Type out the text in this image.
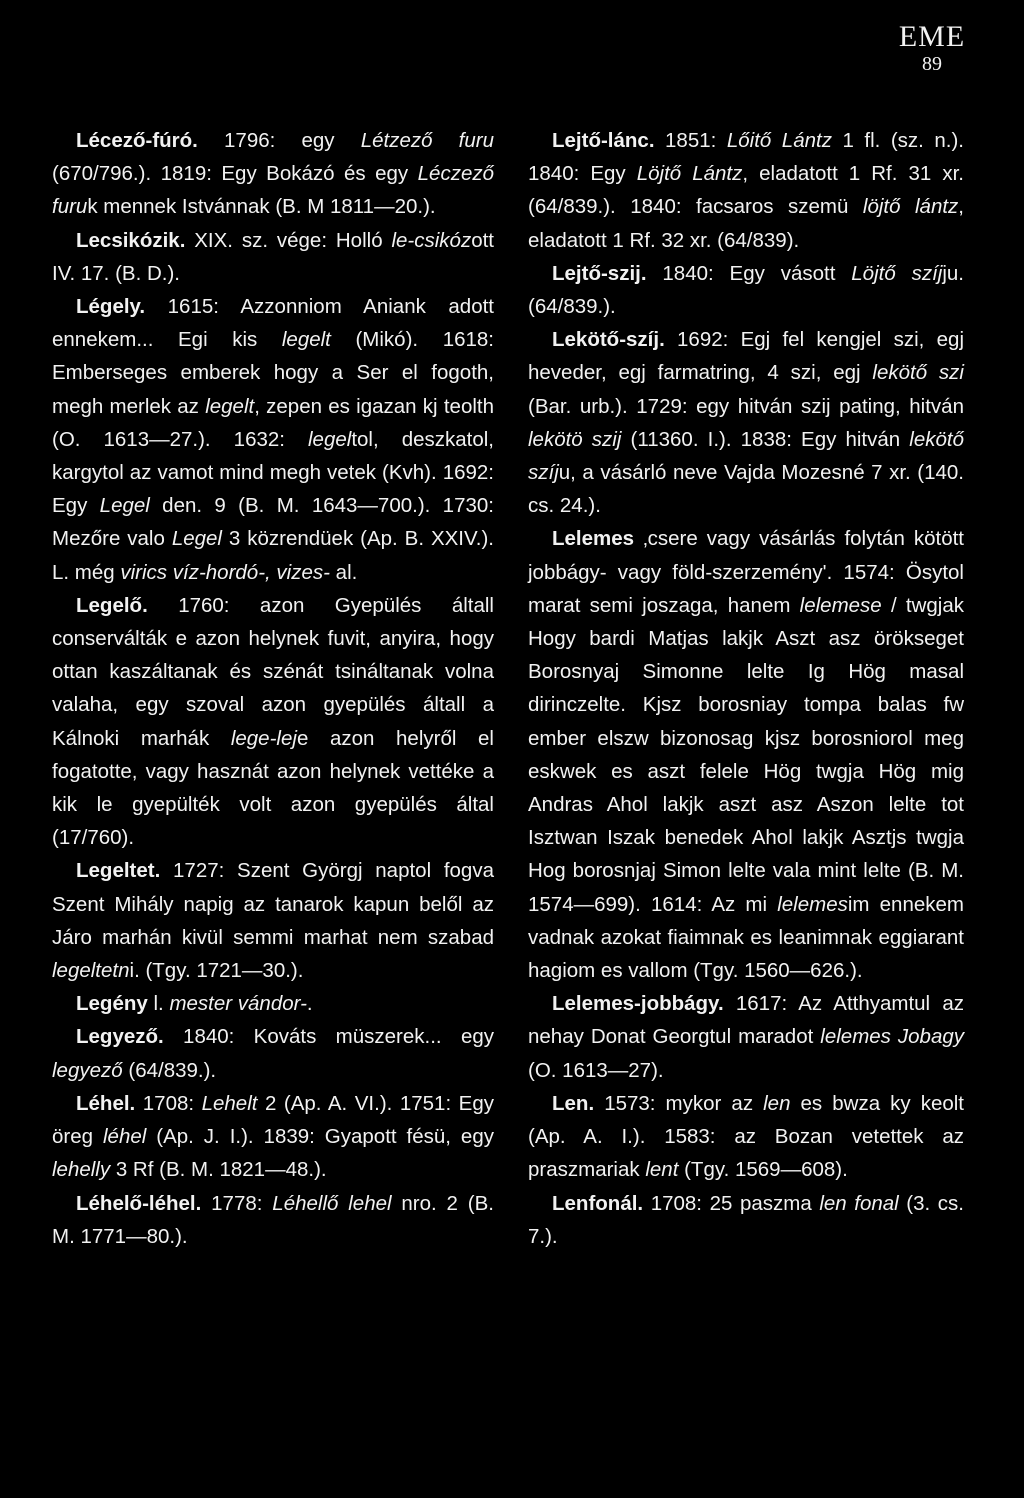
EME
89

Lécező-fúró. 1796: egy Létzező furu (670/796.). 1819: Egy Bokázó és egy Léczező furuk mennek Istvánnak (B. M 1811—20.).

Lecsikózik. XIX. sz. vége: Holló le-csikózott IV. 17. (B. D.).

Légely. 1615: Azzonniom Aniank adott ennekem... Egi kis legelt (Mikó). 1618: Emberseges emberek hogy a Ser el fogoth, megh merlek az legelt, zepen es igazan kj teolth (O. 1613—27.). 1632: legeltol, deszkatol, kargytol az vamot mind megh vetek (Kvh). 1692: Egy Legel den. 9 (B. M. 1643—700.). 1730: Mezőre valo Legel 3 közrendüek (Ap. B. XXIV.). L. még virics víz-hordó-, vizes- al.

Legelő. 1760: azon Gyepülés általl conserválták e azon helynek fuvit, anyira, hogy ottan kaszáltanak és szénát tsináltanak volna valaha, egy szoval azon gyepülés általl a Kálnoki marhák lege-leje azon helyről el fogatotte, vagy hasznát azon helynek vettéke a kik le gyepülték volt azon gyepülés által (17/760).

Legeltet. 1727: Szent Györgj naptol fogva Szent Mihály napig az tanarok kapun belől az Járo marhán kivül semmi marhat nem szabad legeltetni. (Tgy. 1721—30.).

Legény l. mester vándor-.

Legyező. 1840: Kováts müszerek... egy legyező (64/839.).

Léhel. 1708: Lehelt 2 (Ap. A. VI.). 1751: Egy öreg léhel (Ap. J. I.). 1839: Gyapott fésü, egy lehelly 3 Rf (B. M. 1821—48.).

Léhelő-léhel. 1778: Léhellő lehel nro. 2 (B. M. 1771—80.).

Lejtő-lánc. 1851: Lőitő Lántz 1 fl. (sz. n.). 1840: Egy Löjtő Lántz, eladatott 1 Rf. 31 xr. (64/839.). 1840: facsaros szemü löjtő lántz, eladatott 1 Rf. 32 xr. (64/839).

Lejtő-szij. 1840: Egy vásott Löjtő szíjju. (64/839.).

Lekötő-szíj. 1692: Egj fel kengjel szi, egj heveder, egj farmatring, 4 szi, egj lekötő szi (Bar. urb.). 1729: egy hitván szij pating, hitván lekötö szij (11360. I.). 1838: Egy hitván lekötő szíju, a vásárló neve Vajda Mozesné 7 xr. (140. cs. 24.).

Lelemes ‚csere vagy vásárlás folytán kötött jobbágy- vagy föld-szerzemény'. 1574: Ösytol marat semi joszaga, hanem lelemese / twgjak Hogy bardi Matjas lakjk Aszt asz örökseget Borosnyaj Simonne lelte Ig Hög masal dirinczelte. Kjsz borosniay tompa balas fw ember elszw bizonosag kjsz borosniorol meg eskwek es aszt felele Hög twgja Hög mig Andras Ahol lakjk aszt asz Aszon lelte tot Isztwan Iszak benedek Ahol lakjk Asztjs twgja Hog borosnjaj Simon lelte vala mint lelte (B. M. 1574—699). 1614: Az mi lelemesim ennekem vadnak azokat fiaimnak es leanimnak eggiarant hagiom es vallom (Tgy. 1560—626.).

Lelemes-jobbágy. 1617: Az Atthyamtul az nehay Donat Georgtul maradot lelemes Jobagy (O. 1613—27).

Len. 1573: mykor az len es bwza ky keolt (Ap. A. I.). 1583: az Bozan vetettek az praszmariak lent (Tgy. 1569—608).

Lenfonál. 1708: 25 paszma len fonal (3. cs. 7.).
